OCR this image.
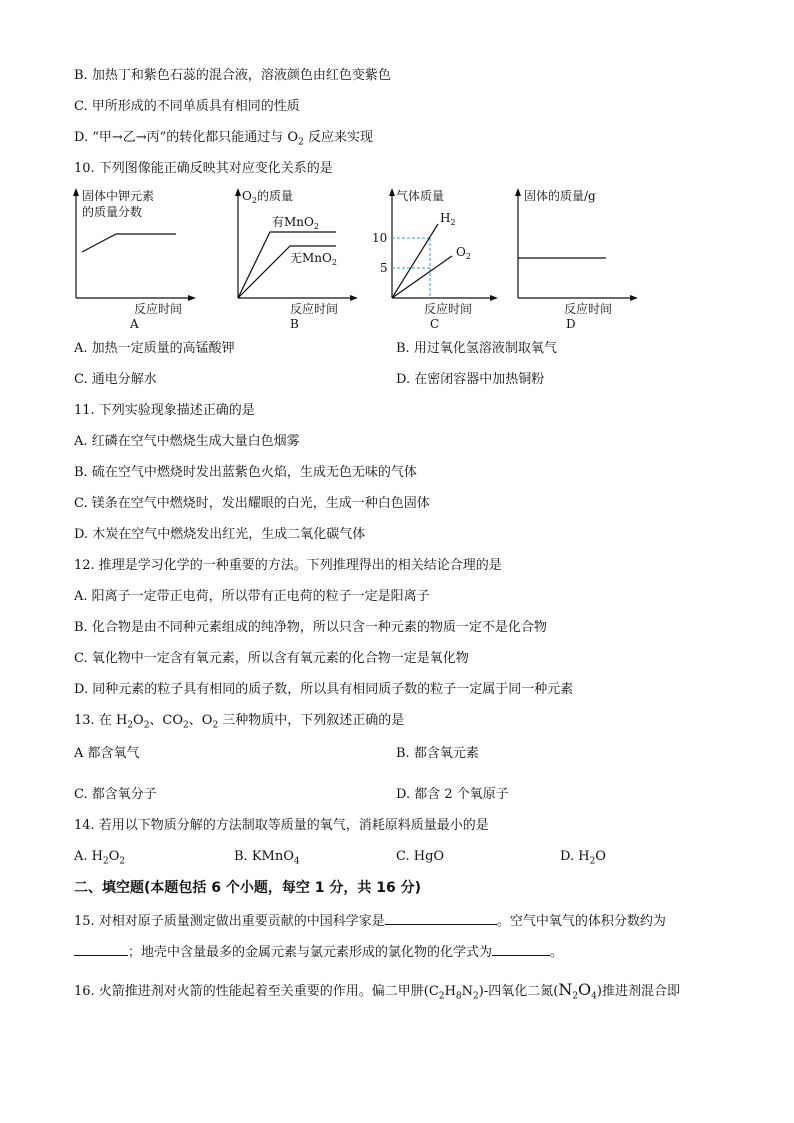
B. 加热丁和紫色石蕊的混合液，溶液颜色由红色变紫色
C. 甲所形成的不同单质具有相同的性质
D. “甲→乙→丙”的转化都只能通过与 $O_2$ 反应来实现
10. 下列图像能正确反映其对应变化关系的是
固体中钾元素
的质量分数
反应时间
A
$O_2$的质量
有MnO$_2$
无MnO$_2$
反应时间
B
气体质量
10
5
$H_2$
$O_2$
反应时间
C
固体的质量/g
反应时间
D
A. 加热一定质量的高锰酸钾	B. 用过氧化氢溶液制取氧气
C. 通电分解水	D. 在密闭容器中加热铜粉
11. 下列实验现象描述正确的是
A. 红磷在空气中燃烧生成大量白色烟雾
B. 硫在空气中燃烧时发出蓝紫色火焰，生成无色无味的气体
C. 镁条在空气中燃烧时，发出耀眼的白光，生成一种白色固体
D. 木炭在空气中燃烧发出红光，生成二氧化碳气体
12. 推理是学习化学的一种重要的方法。下列推理得出的相关结论合理的是
A. 阳离子一定带正电荷，所以带有正电荷的粒子一定是阳离子
B. 化合物是由不同种元素组成的纯净物，所以只含一种元素的物质一定不是化合物
C. 氧化物中一定含有氧元素，所以含有氧元素的化合物一定是氧化物
D. 同种元素的粒子具有相同的质子数，所以具有相同质子数的粒子一定属于同一种元素
13. 在 $H_2O_2$、$CO_2$、$O_2$ 三种物质中，下列叙述正确的是
A 都含氧气	B. 都含氧元素
C. 都含氧分子	D. 都含 2 个氧原子
14. 若用以下物质分解的方法制取等质量的氧气，消耗原料质量最小的是
A. $H_2O_2$	B. KMnO$_4$	C. HgO	D. $H_2O$
二、填空题(本题包括 6 个小题，每空 1 分，共 16 分)
15. 对相对原子质量测定做出重要贡献的中国科学家是	。空气中氧气的体积分数约为
；地壳中含量最多的金属元素与氯元素形成的氯化物的化学式为	。
16. 火箭推进剂对火箭的性能起着至关重要的作用。偏二甲肼$(C_2H_8N_2)-$四氧化二氮$(N_2O_4)$推进剂混合即
